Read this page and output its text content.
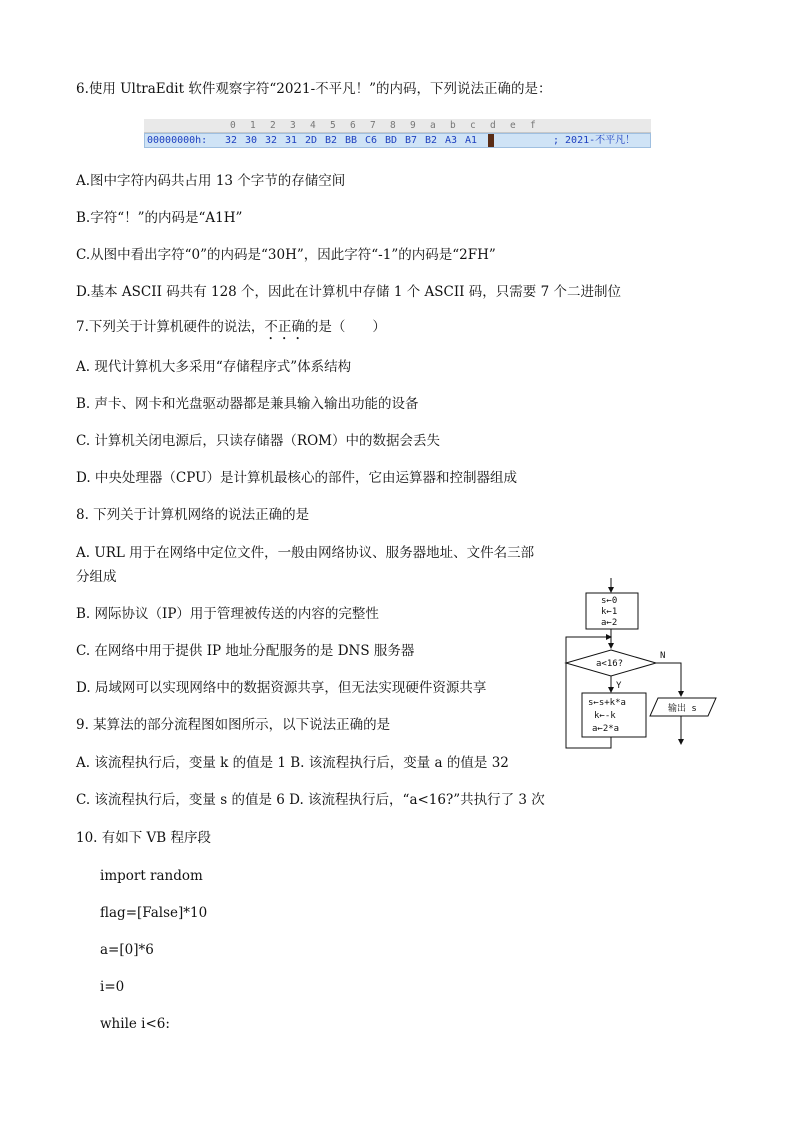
6.使用 UltraEdit 软件观察字符“2021-不平凡！”的内码，下列说法正确的是：
0 1 2 3 4 5 6 7 8 9 a b c d e f
00000000h: 32 30 32 31 2D B2 BB C6 BD B7 B2 A3 A1	; 2021-不平凡！
A.图中字符内码共占用 13 个字节的存储空间
B.字符“！”的内码是“A1H”
C.从图中看出字符“0”的内码是“30H”，因此字符“-1”的内码是“2FH”
D.基本 ASCII 码共有 128 个，因此在计算机中存储 1 个 ASCII 码，只需要 7 个二进制位
7.下列关于计算机硬件的说法，不正确的是（　　）
A. 现代计算机大多采用“存储程序式”体系结构
B. 声卡、网卡和光盘驱动器都是兼具输入输出功能的设备
C. 计算机关闭电源后，只读存储器（ROM）中的数据会丢失
D. 中央处理器（CPU）是计算机最核心的部件，它由运算器和控制器组成
8. 下列关于计算机网络的说法正确的是
A. URL 用于在网络中定位文件，一般由网络协议、服务器地址、文件名三部
分组成
B. 网际协议（IP）用于管理被传送的内容的完整性
C. 在网络中用于提供 IP 地址分配服务的是 DNS 服务器
D. 局域网可以实现网络中的数据资源共享，但无法实现硬件资源共享
9. 某算法的部分流程图如图所示，以下说法正确的是
A. 该流程执行后，变量 k 的值是 1 B. 该流程执行后，变量 a 的值是 32
C. 该流程执行后，变量 s 的值是 6 D. 该流程执行后，“a<16?”共执行了 3 次
s←0
k←1
a←2
a<16?
N
输出 s
Y
s←s+k*a
k←-k
a←2*a
10. 有如下 VB 程序段
import random
flag=[False]*10
a=[0]*6
i=0
while i<6:
